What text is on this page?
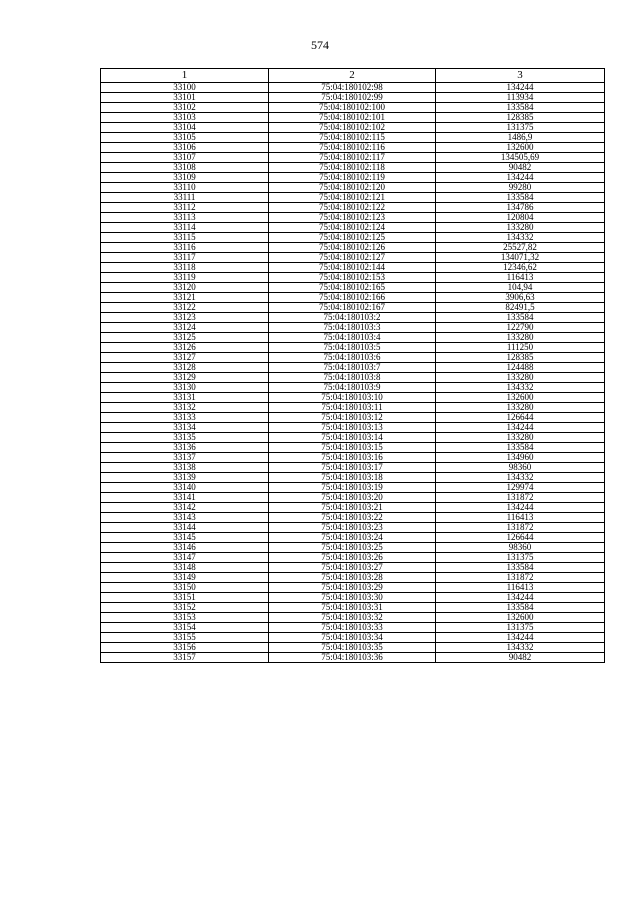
574
1	2	3
33100	75:04:180102:98	134244
33101	75:04:180102:99	113934
33102	75:04:180102:100	133584
33103	75:04:180102:101	128385
33104	75:04:180102:102	131375
33105	75:04:180102:115	1486,9
33106	75:04:180102:116	132600
33107	75:04:180102:117	134505,69
33108	75:04:180102:118	90482
33109	75:04:180102:119	134244
33110	75:04:180102:120	99280
33111	75:04:180102:121	133584
33112	75:04:180102:122	134786
33113	75:04:180102:123	120804
33114	75:04:180102:124	133280
33115	75:04:180102:125	134332
33116	75:04:180102:126	25527,82
33117	75:04:180102:127	134071,32
33118	75:04:180102:144	12346,62
33119	75:04:180102:153	116413
33120	75:04:180102:165	104,94
33121	75:04:180102:166	3906,63
33122	75:04:180102:167	82491,5
33123	75:04:180103:2	133584
33124	75:04:180103:3	122790
33125	75:04:180103:4	133280
33126	75:04:180103:5	111250
33127	75:04:180103:6	128385
33128	75:04:180103:7	124488
33129	75:04:180103:8	133280
33130	75:04:180103:9	134332
33131	75:04:180103:10	132600
33132	75:04:180103:11	133280
33133	75:04:180103:12	126644
33134	75:04:180103:13	134244
33135	75:04:180103:14	133280
33136	75:04:180103:15	133584
33137	75:04:180103:16	134960
33138	75:04:180103:17	98360
33139	75:04:180103:18	134332
33140	75:04:180103:19	129974
33141	75:04:180103:20	131872
33142	75:04:180103:21	134244
33143	75:04:180103:22	116413
33144	75:04:180103:23	131872
33145	75:04:180103:24	126644
33146	75:04:180103:25	98360
33147	75:04:180103:26	131375
33148	75:04:180103:27	133584
33149	75:04:180103:28	131872
33150	75:04:180103:29	116413
33151	75:04:180103:30	134244
33152	75:04:180103:31	133584
33153	75:04:180103:32	132600
33154	75:04:180103:33	131375
33155	75:04:180103:34	134244
33156	75:04:180103:35	134332
33157	75:04:180103:36	90482
